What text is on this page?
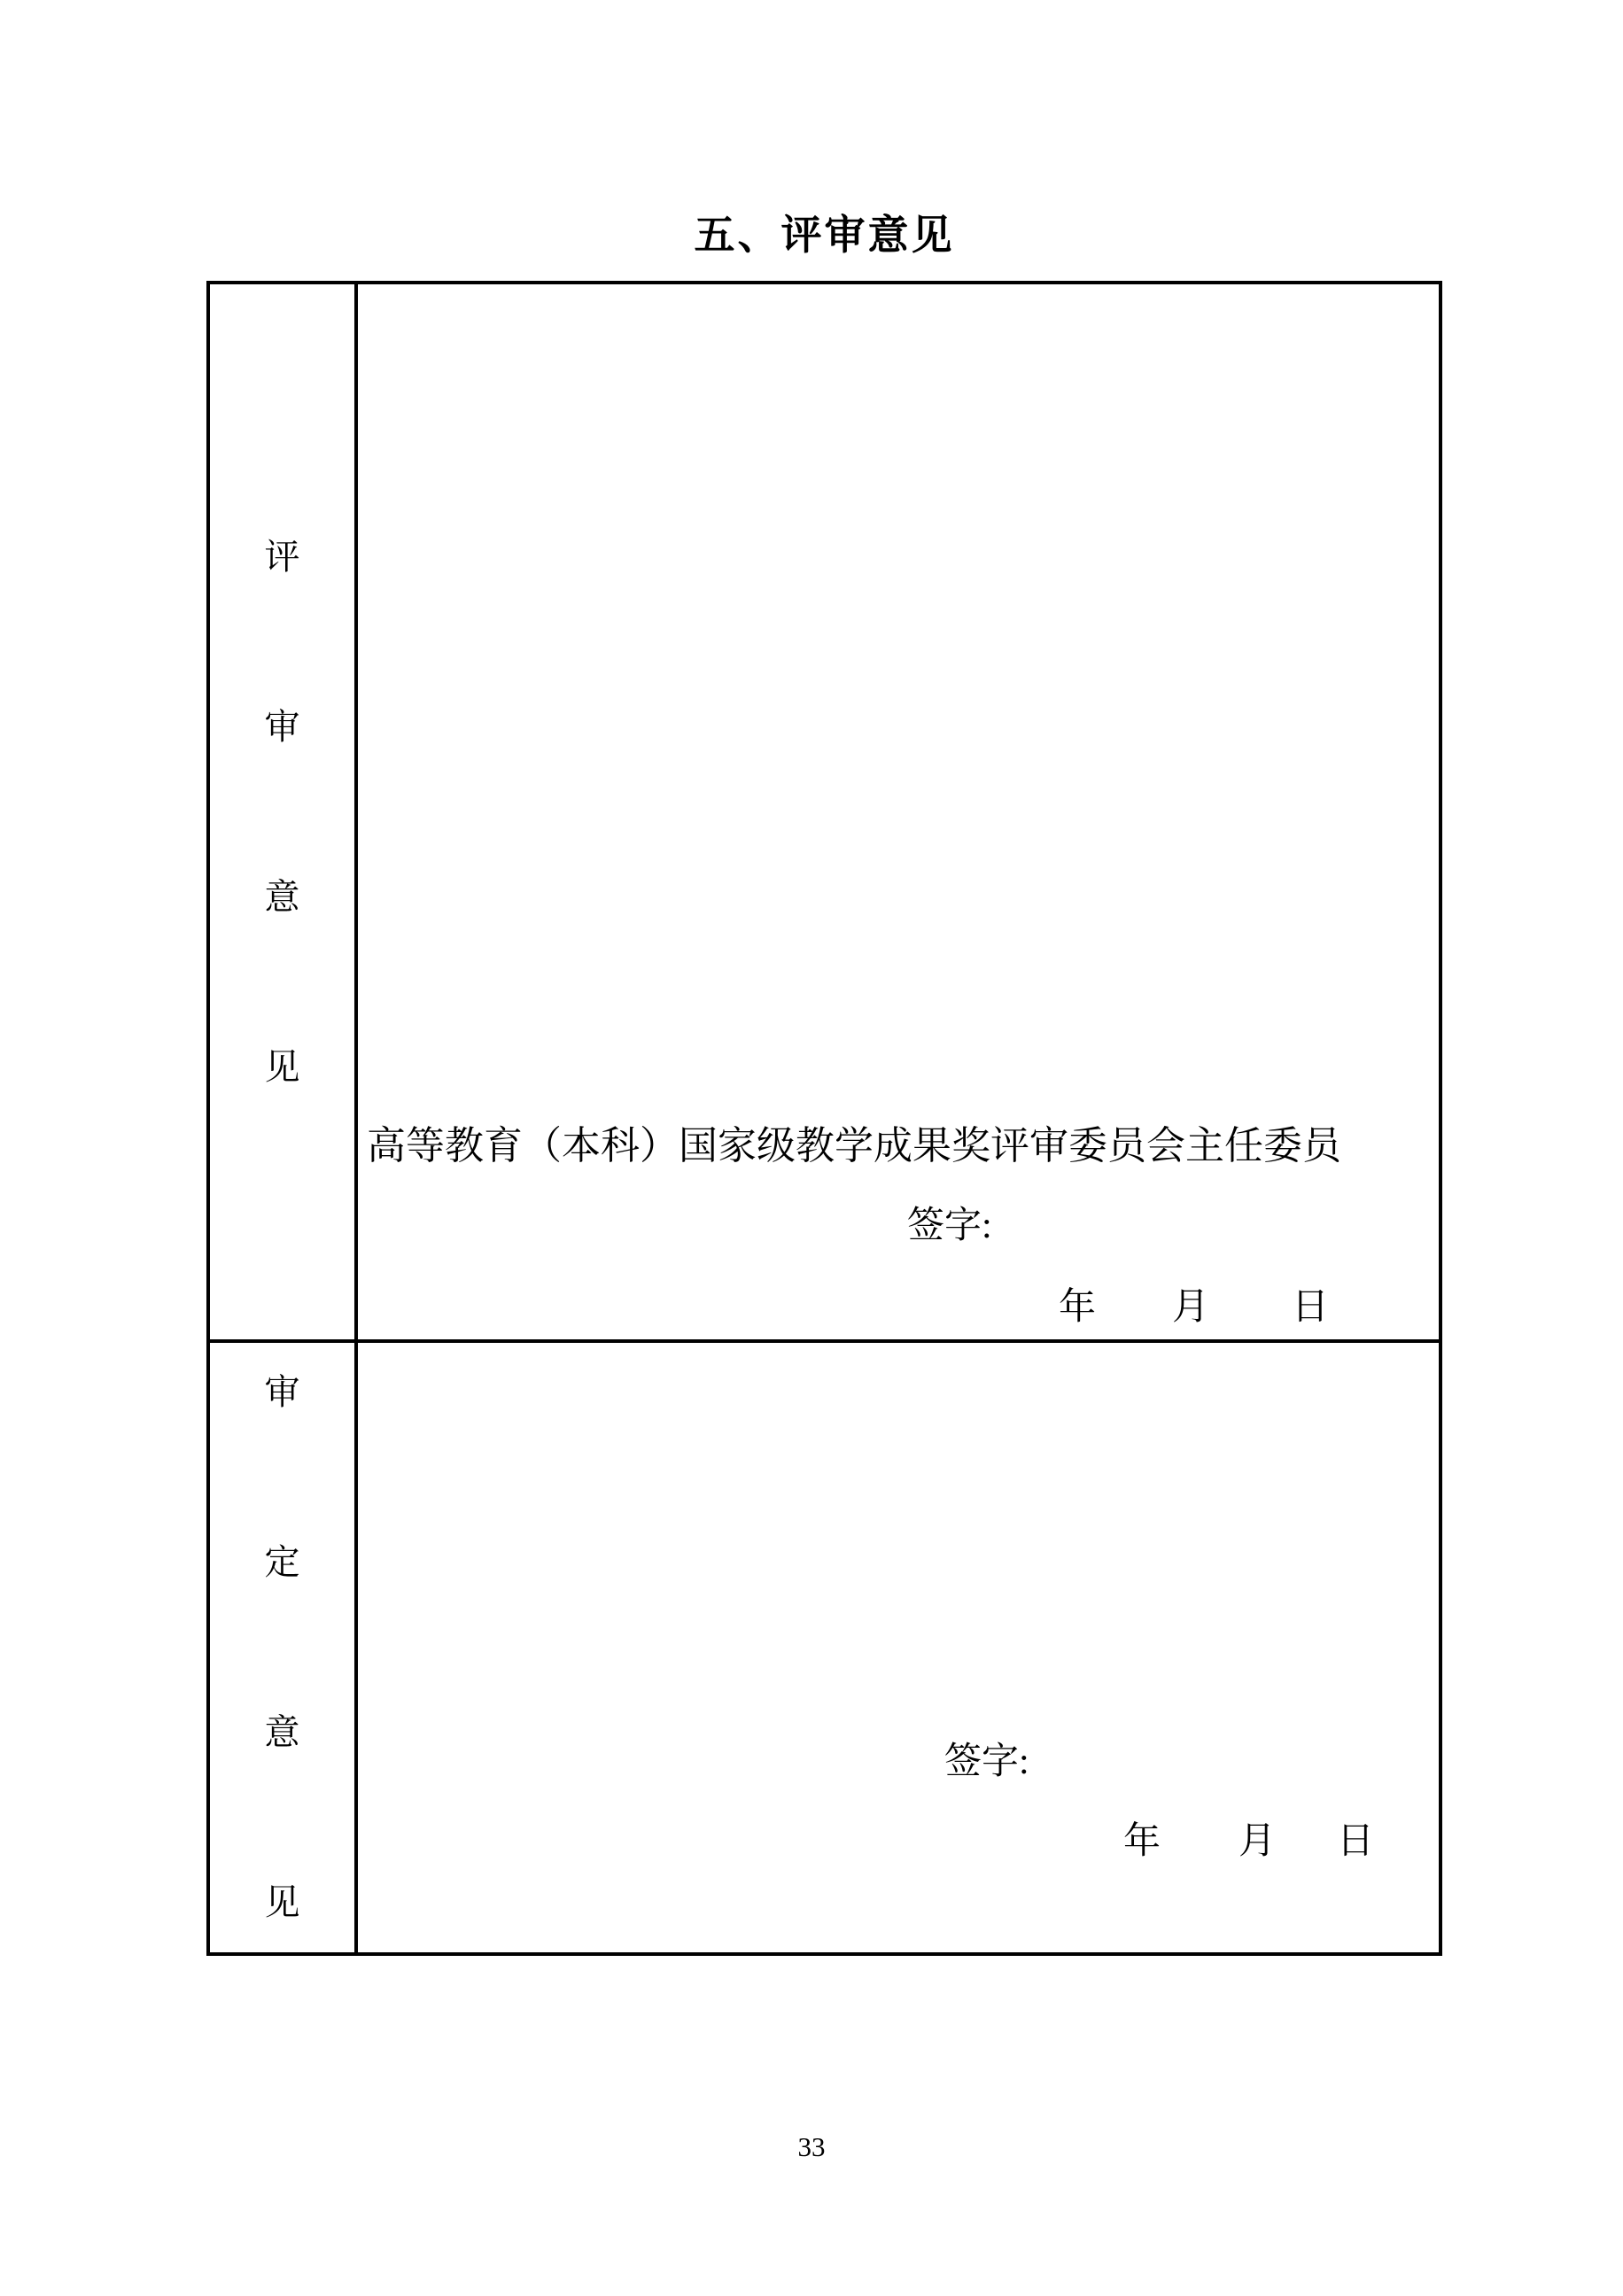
五、评审意见
评
审
意
见
高等教育（本科）国家级教学成果奖评审委员会主任委员
签字:
年 月 日
审
定
意
见
签字:
年 月 日
33
